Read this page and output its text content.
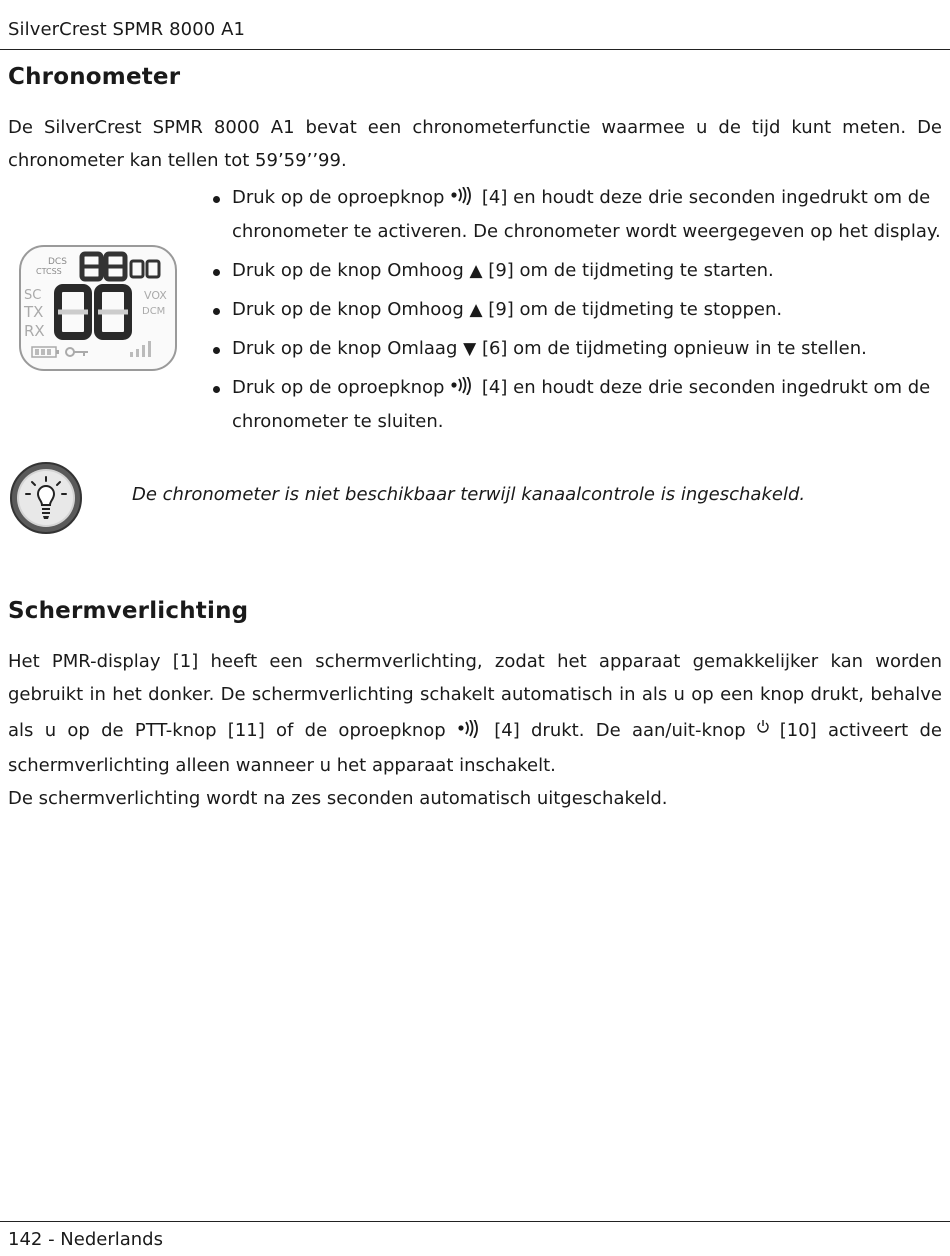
SilverCrest SPMR 8000 A1
Chronometer

De SilverCrest SPMR 8000 A1 bevat een chronometerfunctie waarmee u de tijd kunt meten. De chronometer kan tellen tot 59’59’’99.

DCS
CTCSS
SC
TX
RX
VOX
DCM
Druk op de oproepknop [4] en houdt deze drie seconden ingedrukt om de chronometer te activeren. De chronometer wordt weergegeven op het display.
Druk op de knop Omhoog ▲ [9] om de tijdmeting te starten.
Druk op de knop Omhoog ▲ [9] om de tijdmeting te stoppen.
Druk op de knop Omlaag ▼ [6] om de tijdmeting opnieuw in te stellen.
Druk op de oproepknop [4] en houdt deze drie seconden ingedrukt om de chronometer te sluiten.
De chronometer is niet beschikbaar terwijl kanaalcontrole is ingeschakeld.
Schermverlichting

Het PMR-display [1] heeft een schermverlichting, zodat het apparaat gemakkelijker kan worden gebruikt in het donker. De schermverlichting schakelt automatisch in als u op een knop drukt, behalve als u op de PTT-knop [11] of de oproepknop	[4] drukt. De aan/uit-knop [10] activeert de schermverlichting alleen wanneer u het apparaat inschakelt.

De schermverlichting wordt na zes seconden automatisch uitgeschakeld.

142 - Nederlands
